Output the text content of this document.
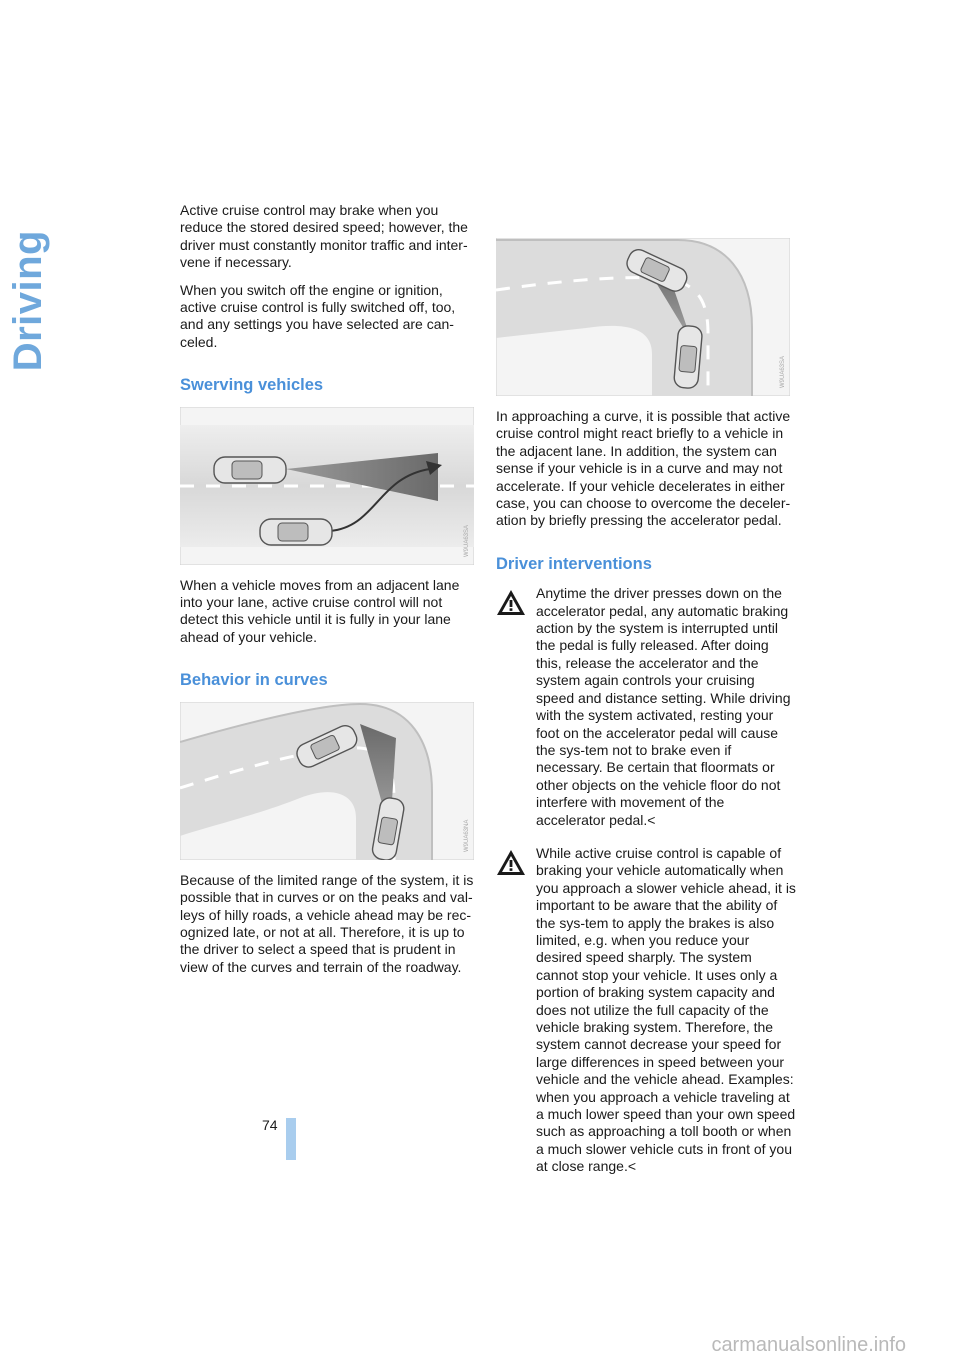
Driving

Active cruise control may brake when you reduce the stored desired speed; however, the driver must constantly monitor traffic and inter-vene if necessary.

When you switch off the engine or ignition, active cruise control is fully switched off, too, and any settings you have selected are can-celed.

Swerving vehicles
W9UA63SA

When a vehicle moves from an adjacent lane into your lane, active cruise control will not detect this vehicle until it is fully in your lane ahead of your vehicle.

Behavior in curves
W9UA63NA

Because of the limited range of the system, it is possible that in curves or on the peaks and val-leys of hilly roads, a vehicle ahead may be rec-ognized late, or not at all. Therefore, it is up to the driver to select a speed that is prudent in view of the curves and terrain of the roadway.

W9UA63SA

In approaching a curve, it is possible that active cruise control might react briefly to a vehicle in the adjacent lane. In addition, the system can sense if your vehicle is in a curve and may not accelerate. If your vehicle decelerates in either case, you can choose to overcome the deceler-ation by briefly pressing the accelerator pedal.

Driver interventions

Anytime the driver presses down on the accelerator pedal, any automatic braking action by the system is interrupted until the pedal is fully released. After doing this, release the accelerator and the system again controls your cruising speed and distance setting. While driving with the system activated, resting your foot on the accelerator pedal will cause the sys-tem not to brake even if necessary. Be certain that floormats or other objects on the vehicle floor do not interfere with movement of the accelerator pedal.<

While active cruise control is capable of braking your vehicle automatically when you approach a slower vehicle ahead, it is important to be aware that the ability of the sys-tem to apply the brakes is also limited, e.g. when you reduce your desired speed sharply. The system cannot stop your vehicle. It uses only a portion of braking system capacity and does not utilize the full capacity of the vehicle braking system. Therefore, the system cannot decrease your speed for large differences in speed between your vehicle and the vehicle ahead. Examples: when you approach a vehicle traveling at a much lower speed than your own speed such as approaching a toll booth or when a much slower vehicle cuts in front of you at close range.<

74
carmanualsonline.info
